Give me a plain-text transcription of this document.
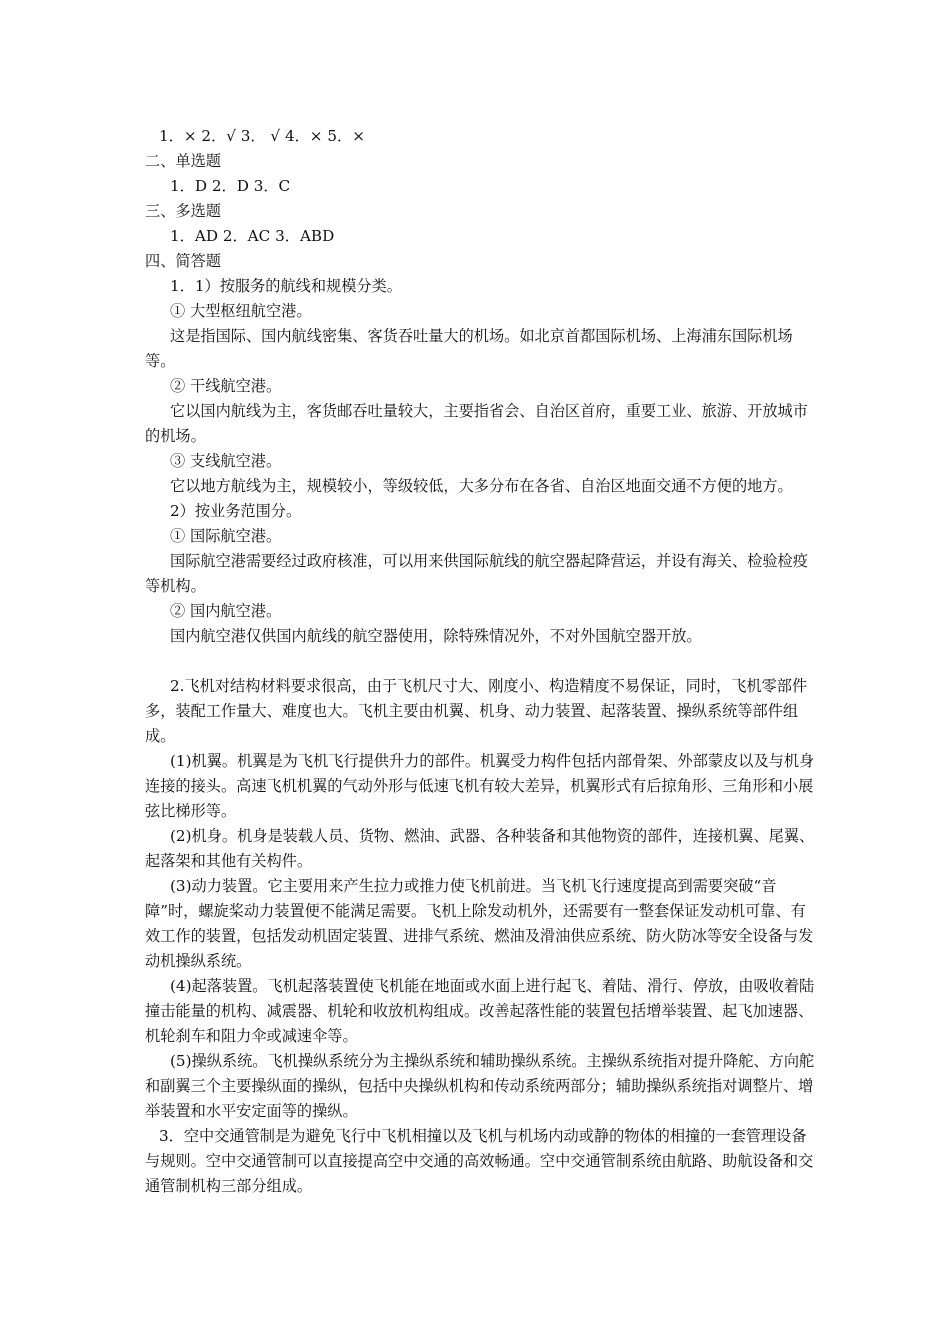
1．× 2．√ 3． √ 4．× 5．×

二、单选题

1．D 2．D 3．C

三、多选题

1．AD 2．AC 3．ABD

四、简答题

1．1）按服务的航线和规模分类。

① 大型枢纽航空港。

这是指国际、国内航线密集、客货吞吐量大的机场。如北京首都国际机场、上海浦东国际机场等。

② 干线航空港。

它以国内航线为主，客货邮吞吐量较大，主要指省会、自治区首府，重要工业、旅游、开放城市的机场。

③ 支线航空港。

它以地方航线为主，规模较小，等级较低，大多分布在各省、自治区地面交通不方便的地方。

2）按业务范围分。

① 国际航空港。

国际航空港需要经过政府核准，可以用来供国际航线的航空器起降营运，并设有海关、检验检疫等机构。

② 国内航空港。

国内航空港仅供国内航线的航空器使用，除特殊情况外，不对外国航空器开放。

2.飞机对结构材料要求很高，由于飞机尺寸大、刚度小、构造精度不易保证，同时，飞机零部件多，装配工作量大、难度也大。飞机主要由机翼、机身、动力装置、起落装置、操纵系统等部件组成。

(1)机翼。机翼是为飞机飞行提供升力的部件。机翼受力构件包括内部骨架、外部蒙皮以及与机身连接的接头。高速飞机机翼的气动外形与低速飞机有较大差异，机翼形式有后掠角形、三角形和小展弦比梯形等。

(2)机身。机身是装载人员、货物、燃油、武器、各种装备和其他物资的部件，连接机翼、尾翼、起落架和其他有关构件。

(3)动力装置。它主要用来产生拉力或推力使飞机前进。当飞机飞行速度提高到需要突破“音障”时，螺旋桨动力装置便不能满足需要。飞机上除发动机外，还需要有一整套保证发动机可靠、有效工作的装置，包括发动机固定装置、进排气系统、燃油及滑油供应系统、防火防冰等安全设备与发动机操纵系统。

(4)起落装置。飞机起落装置使飞机能在地面或水面上进行起飞、着陆、滑行、停放，由吸收着陆撞击能量的机构、减震器、机轮和收放机构组成。改善起落性能的装置包括增举装置、起飞加速器、机轮刹车和阻力伞或减速伞等。

(5)操纵系统。飞机操纵系统分为主操纵系统和辅助操纵系统。主操纵系统指对提升降舵、方向舵和副翼三个主要操纵面的操纵，包括中央操纵机构和传动系统两部分；辅助操纵系统指对调整片、增举装置和水平安定面等的操纵。

3．空中交通管制是为避免飞行中飞机相撞以及飞机与机场内动或静的物体的相撞的一套管理设备与规则。空中交通管制可以直接提高空中交通的高效畅通。空中交通管制系统由航路、助航设备和交通管制机构三部分组成。
